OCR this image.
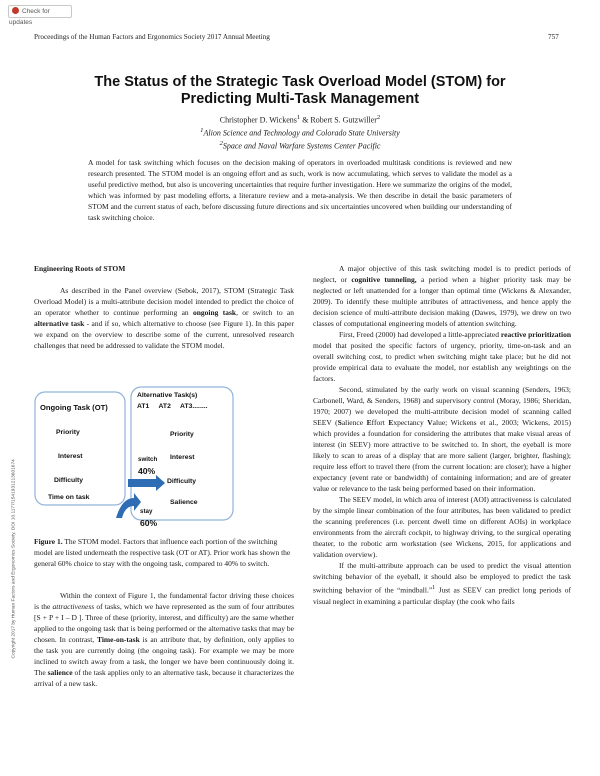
Check for updates
Proceedings of the Human Factors and Ergonomics Society 2017 Annual Meeting	757
The Status of the Strategic Task Overload Model (STOM) for
Predicting Multi-Task Management
Christopher D. Wickens$^1$ & Robert S. Gutzwiller$^2$
$^1$Alion Science and Technology and Colorado State University
$^2$Space and Naval Warfare Systems Center Pacific
A model for task switching which focuses on the decision making of operators in overloaded multitask conditions is reviewed and new research presented. The STOM model is an ongoing effort and as such, work is now accumulating, which serves to validate the model as a useful predictive method, but also is uncovering uncertainties that require further investigation. Here we summarize the origins of the model, which was informed by past modeling efforts, a literature review and a meta-analysis. We then describe in detail the basic parameters of STOM and the current status of each, before discussing future directions and six uncertainties uncovered when building our understanding of task switching choice.

Engineering Roots of STOM

As described in the Panel overview (Sebok, 2017), STOM (Strategic Task Overload Model) is a multi-attribute decision model intended to predict the choice of an operator whether to continue performing an ongoing task, or switch to an alternative task - and if so, which alternative to choose (see Figure 1). In this paper we expand on the overview to describe some of the current, unresolved research challenges that need be addressed to validate the STOM model.

Ongoing Task (OT)
Priority
Interest
Difficulty
Time on task
Alternative Task(s)
AT1     AT2     AT3........
Priority
Interest
Difficulty
Salience
switch
40%
stay
60%
Figure 1. The STOM model. Factors that influence each portion of the switching model are listed underneath the respective task (OT or AT). Prior work has shown the general 60% choice to stay with the ongoing task, compared to 40% to switch.

Within the context of Figure 1, the fundamental factor driving these choices is the attractiveness of tasks, which we have represented as the sum of four attributes [S + P + I – D ]. Three of these (priority, interest, and difficulty) are the same whether applied to the ongoing task that is being performed or the alternative tasks that may be chosen. In contrast, Time-on-task is an attribute that, by definition, only applies to the task you are currently doing (the ongoing task). For example we may be more inclined to switch away from a task, the longer we have been continuously doing it. The salience of the task applies only to an alternative task, because it characterizes the arrival of a new task.

A major objective of this task switching model is to predict periods of neglect, or cognitive tunneling, a period when a higher priority task may be neglected or left unattended for a longer than optimal time (Wickens & Alexander, 2009). To identify these multiple attributes of attractiveness, and hence apply the decision science of multi-attribute decision making (Dawes, 1979), we drew on two classes of computational engineering models of attention switching.

First, Freed (2000) had developed a little-appreciated reactive prioritization model that posited the specific factors of urgency, priority, time-on-task and an overall switching cost, to predict when switching might take place; but he did not provide empirical data to evaluate the model, nor establish any weightings on the factors.

Second, stimulated by the early work on visual scanning (Senders, 1963; Carbonell, Ward, & Senders, 1968) and supervisory control (Moray, 1986; Sheridan, 1970; 2007) we developed the multi-attribute decision model of scanning called SEEV (Salience Effort Expectancy Value; Wickens et al., 2003; Wickens, 2015) which provides a foundation for considering the attributes that make visual areas of interest (in SEEV) more attractive to be switched to. In short, the eyeball is more likely to scan to areas of a display that are more salient (larger, brighter, flashing); require less effort to travel there (from the current location: are closer); have a higher expectancy (event rate or bandwidth) of containing information; and are of greater value or relevance to the task being performed based on their information.

The SEEV model, in which area of interest (AOI) attractiveness is calculated by the simple linear combination of the four attributes, has been validated to predict the scanning preferences (i.e. percent dwell time on different AOIs) in workplace environments from the aircraft cockpit, to highway driving, to the surgical operating theater, to the robotic arm workstation (see Wickens, 2015, for applications and validation overview).

If the multi-attribute approach can be used to predict the visual attention switching behavior of the eyeball, it should also be employed to predict the task switching behavior of the “mindball.”$^1$ Just as SEEV can predict long periods of visual neglect in examining a particular display (the cook who fails

Copyright 2017 by Human Factors and Ergonomics Society. DOI 10.1177/1541931213601674
